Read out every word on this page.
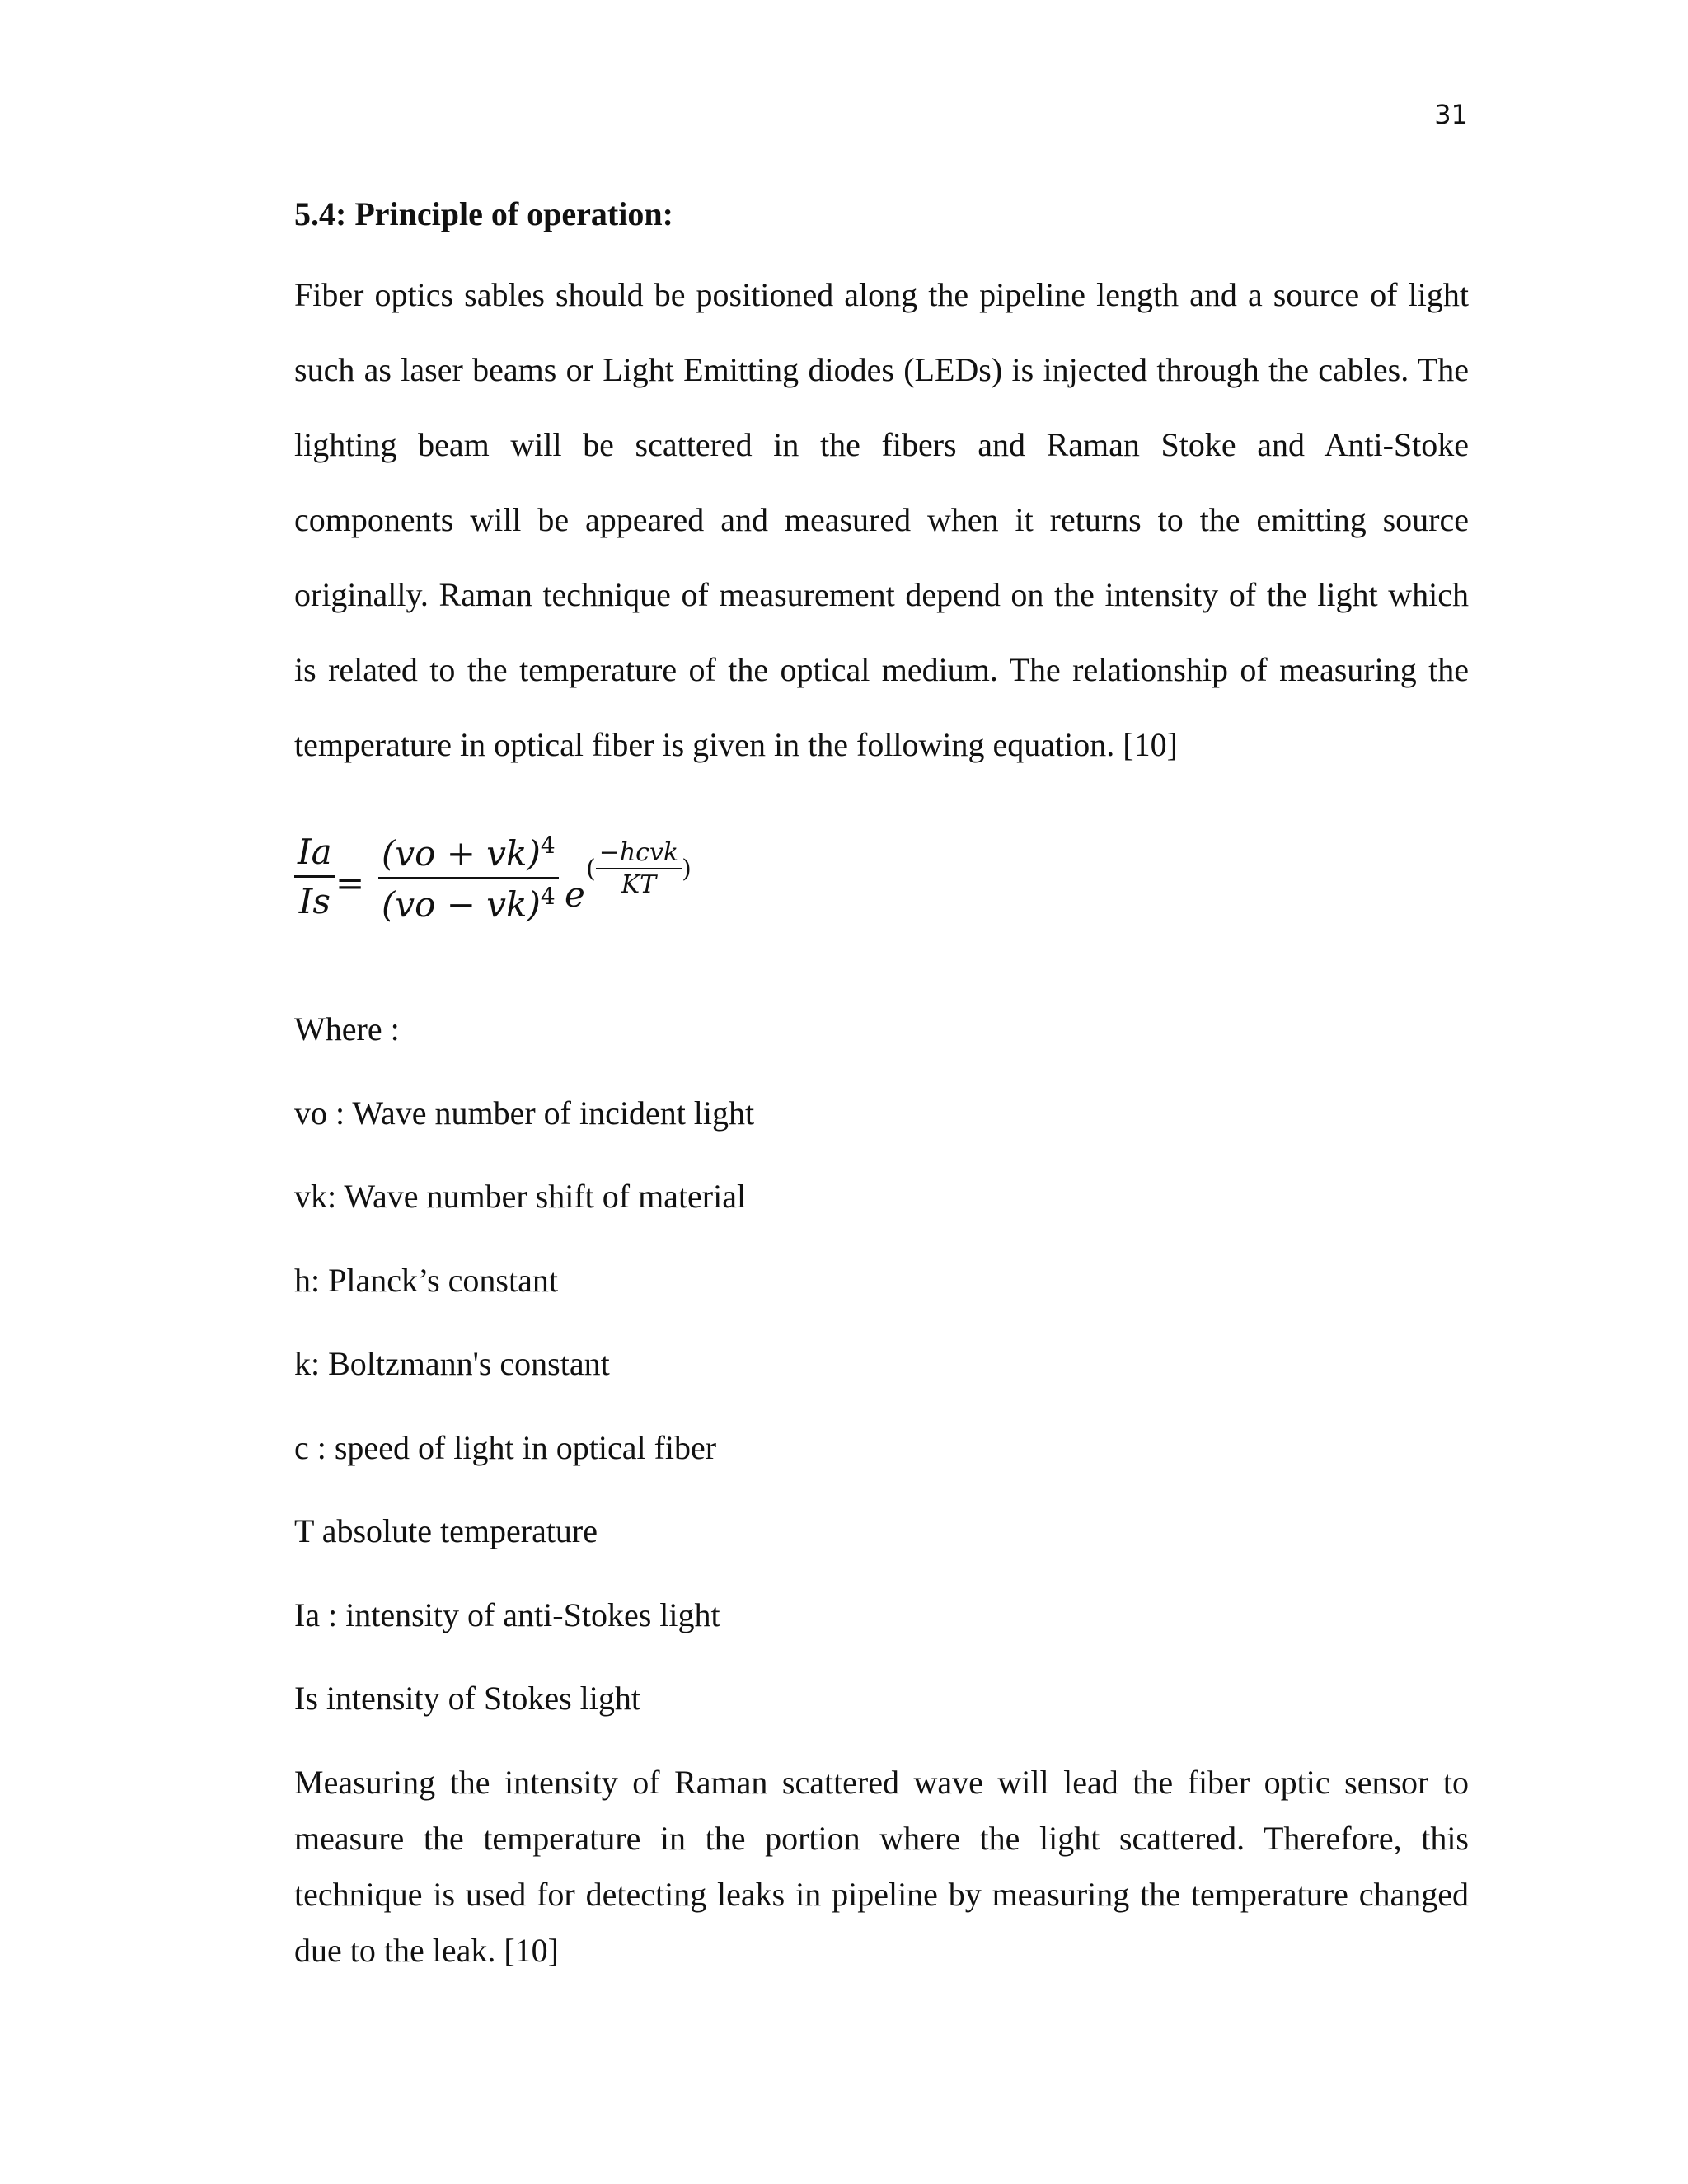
31
5.4: Principle of operation:

Fiber optics sables should be positioned along the pipeline length and a source of light such as laser beams or Light Emitting diodes (LEDs) is injected through the cables. The lighting beam will be scattered in the fibers and Raman Stoke and Anti-Stoke components will be appeared and measured when it returns to the emitting source originally. Raman technique of measurement depend on the intensity of the light which is related to the temperature of the optical medium. The relationship of measuring the temperature in optical fiber is given in the following equation. [10]

Ia
Is =
(vo + vk)$^4$
(vo − vk)$^4$ e
( $\frac{\text{−hcvk}}{KT}$ )
Where :
vo : Wave number of incident light
vk: Wave number shift of material
h: Planck’s constant
k: Boltzmann's constant
c : speed of light in optical fiber
T absolute temperature
Ia : intensity of anti-Stokes light
Is intensity of Stokes light

Measuring the intensity of Raman scattered wave will lead the fiber optic sensor to measure the temperature in the portion where the light scattered. Therefore, this technique is used for detecting leaks in pipeline by measuring the temperature changed due to the leak. [10]
